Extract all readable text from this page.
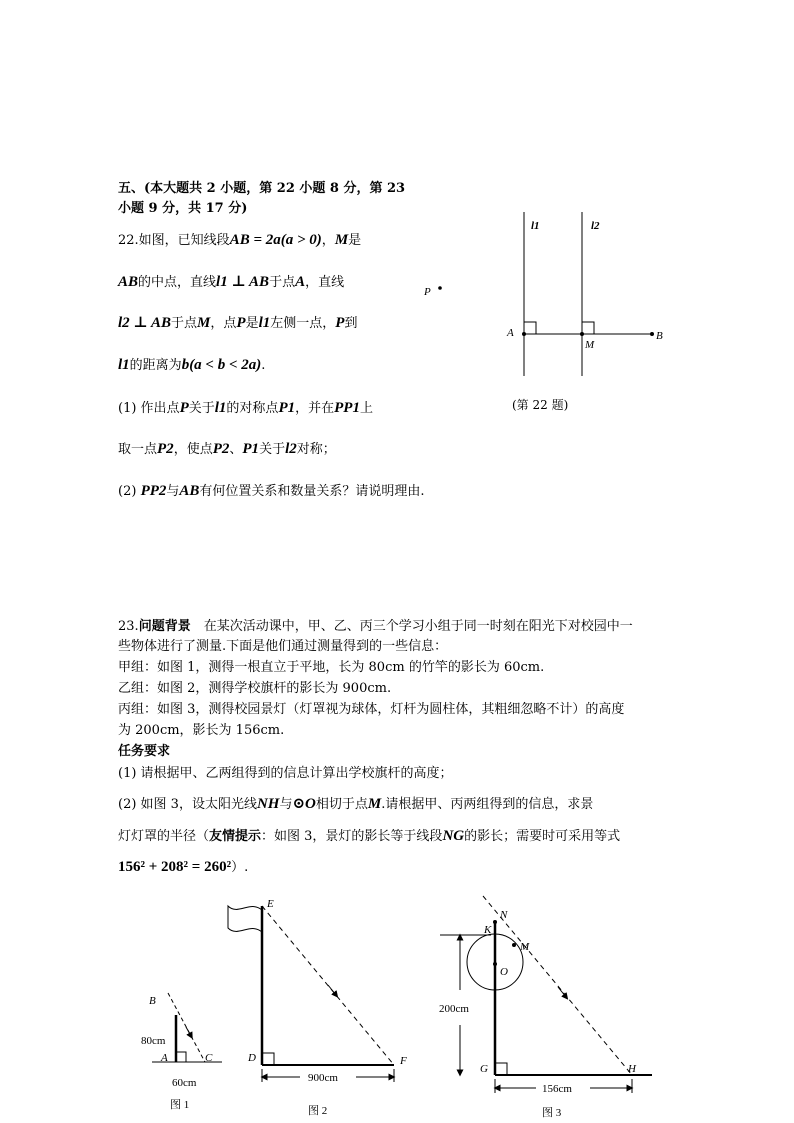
五、(本大题共 2 小题，第 22 小题 8 分，第 23
小题 9 分，共 17 分)
22.如图，已知线段AB = 2a(a > 0)，M是
AB的中点，直线l1 ⊥ AB于点A，直线
l2 ⊥ AB于点M，点P是l1左侧一点，P到
l1的距离为b(a < b < 2a).
(1) 作出点P关于l1的对称点P1，并在PP1上
取一点P2，使点P2、P1关于l2对称；
(2) PP2与AB有何位置关系和数量关系？请说明理由.
l1	l2
P
A
M
B
(第 22 题)
23.问题背景　在某次活动课中，甲、乙、丙三个学习小组于同一时刻在阳光下对校园中一
些物体进行了测量.下面是他们通过测量得到的一些信息：
甲组：如图 1，测得一根直立于平地，长为 80cm 的竹竿的影长为 60cm.
乙组：如图 2，测得学校旗杆的影长为 900cm.
丙组：如图 3，测得校园景灯（灯罩视为球体，灯杆为圆柱体，其粗细忽略不计）的高度
为 200cm，影长为 156cm.
任务要求
(1) 请根据甲、乙两组得到的信息计算出学校旗杆的高度；
(2) 如图 3，设太阳光线NH与⊙O相切于点M.请根据甲、丙两组得到的信息，求景
灯灯罩的半径（友情提示：如图 3，景灯的影长等于线段NG的影长；需要时可采用等式
156² + 208² = 260²）.
B
80cm
A	C
60cm
图 1
E
D	F
900cm
图 2
N
K
M
O
200cm
G	H
156cm
图 3
